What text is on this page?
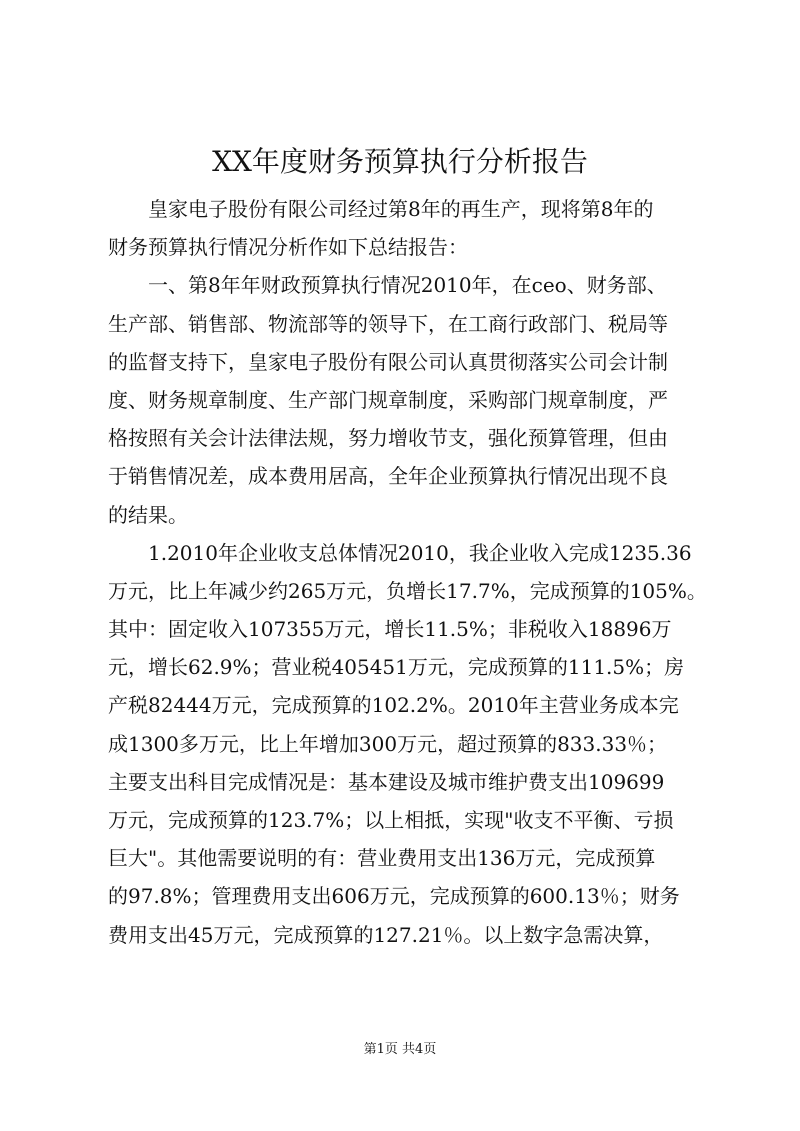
XX年度财务预算执行分析报告
皇家电子股份有限公司经过第8年的再生产，现将第8年的
财务预算执行情况分析作如下总结报告：
一、第8年年财政预算执行情况2010年，在ceo、财务部、
生产部、销售部、物流部等的领导下，在工商行政部门、税局等
的监督支持下，皇家电子股份有限公司认真贯彻落实公司会计制
度、财务规章制度、生产部门规章制度，采购部门规章制度，严
格按照有关会计法律法规，努力增收节支，强化预算管理，但由
于销售情况差，成本费用居高，全年企业预算执行情况出现不良
的结果。
1.2010年企业收支总体情况2010，我企业收入完成1235.36
万元，比上年减少约265万元，负增长17.7%，完成预算的105%。
其中：固定收入107355万元，增长11.5%；非税收入18896万
元，增长62.9%；营业税405451万元，完成预算的111.5%；房
产税82444万元，完成预算的102.2%。2010年主营业务成本完
成1300多万元，比上年增加300万元，超过预算的833.33％；
主要支出科目完成情况是：基本建设及城市维护费支出109699
万元，完成预算的123.7%；以上相抵，实现"收支不平衡、亏损
巨大"。其他需要说明的有：营业费用支出136万元，完成预算
的97.8%；管理费用支出606万元，完成预算的600.13％；财务
费用支出45万元，完成预算的127.21％。以上数字急需决算，
第1页 共4页
